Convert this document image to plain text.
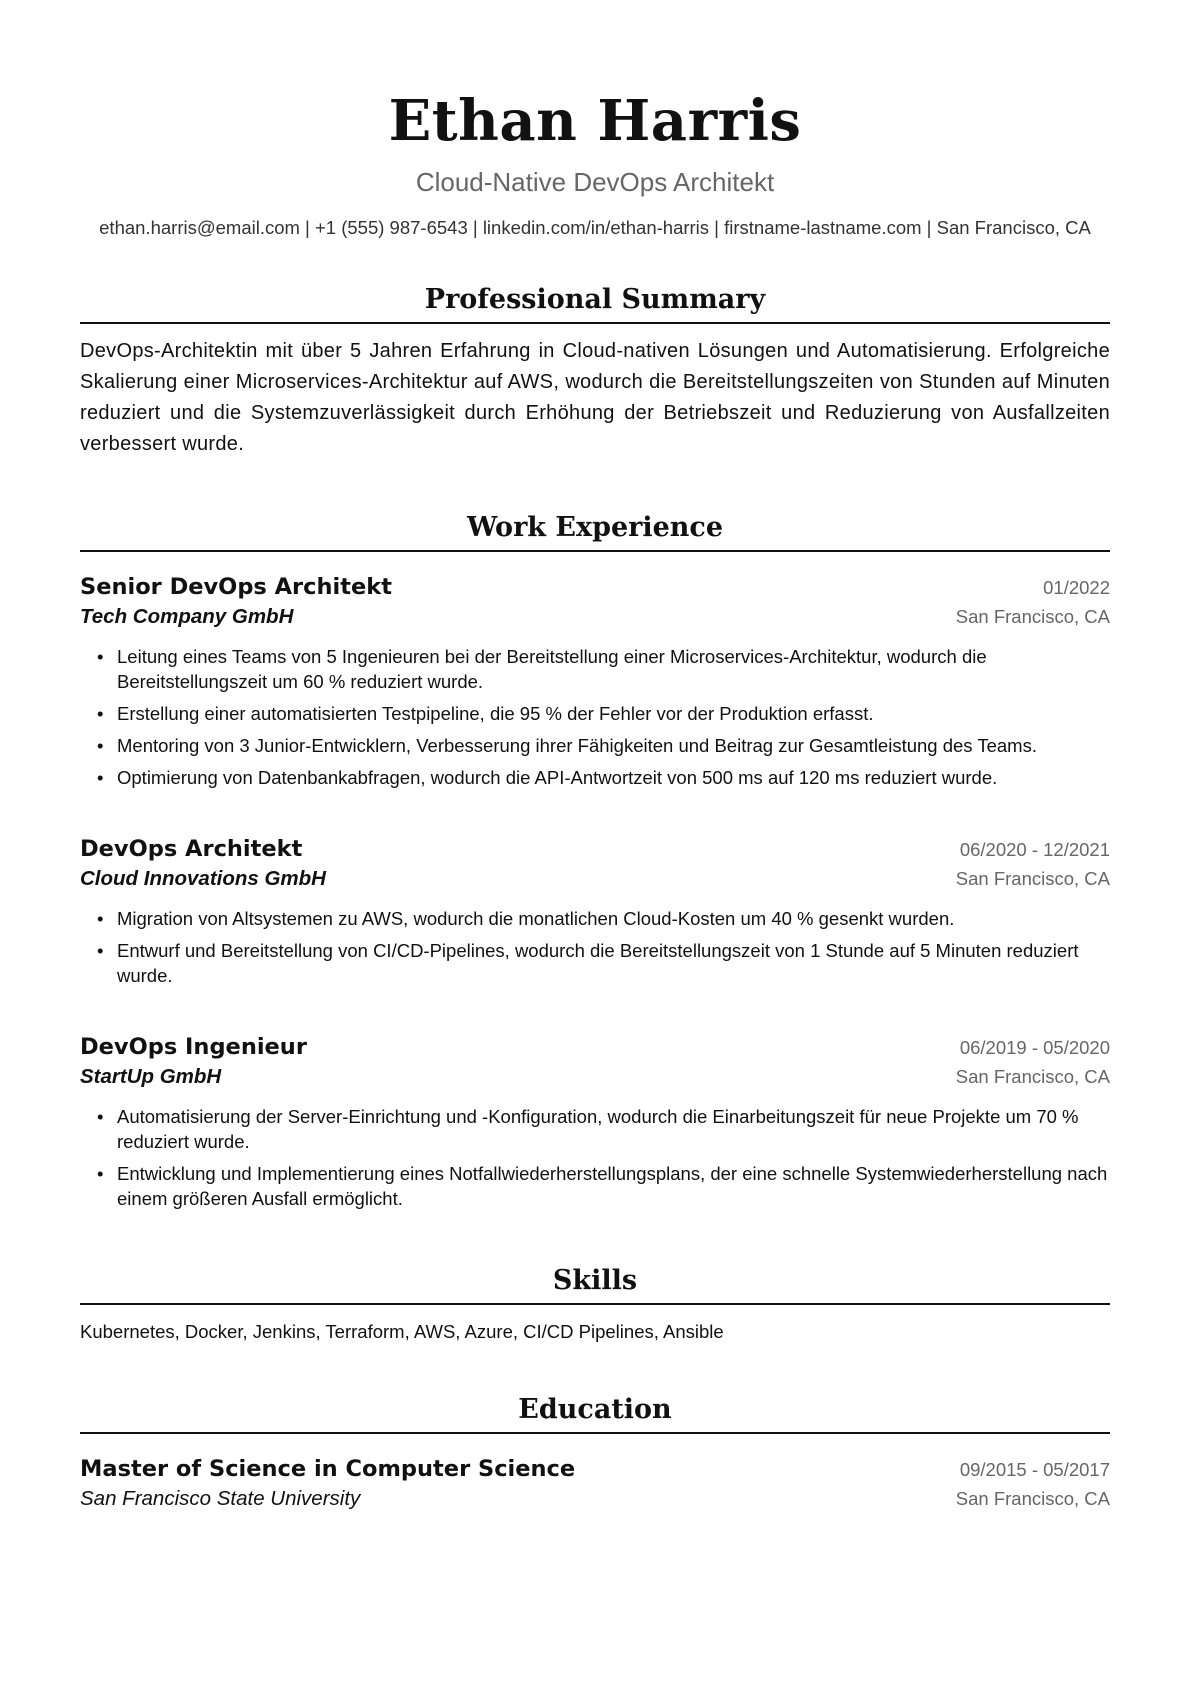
Ethan Harris
Cloud-Native DevOps Architekt
ethan.harris@email.com | +1 (555) 987-6543 | linkedin.com/in/ethan-harris | firstname-lastname.com | San Francisco, CA
Professional Summary
DevOps-Architektin mit über 5 Jahren Erfahrung in Cloud-nativen Lösungen und Automatisierung. Erfolgreiche Skalierung einer Microservices-Architektur auf AWS, wodurch die Bereitstellungszeiten von Stunden auf Minuten reduziert und die Systemzuverlässigkeit durch Erhöhung der Betriebszeit und Reduzierung von Ausfallzeiten verbessert wurde.
Work Experience
Senior DevOps Architekt	01/2022
Tech Company GmbH	San Francisco, CA
• Leitung eines Teams von 5 Ingenieuren bei der Bereitstellung einer Microservices-Architektur, wodurch die Bereitstellungszeit um 60 % reduziert wurde.
• Erstellung einer automatisierten Testpipeline, die 95 % der Fehler vor der Produktion erfasst.
• Mentoring von 3 Junior-Entwicklern, Verbesserung ihrer Fähigkeiten und Beitrag zur Gesamtleistung des Teams.
• Optimierung von Datenbankabfragen, wodurch die API-Antwortzeit von 500 ms auf 120 ms reduziert wurde.
DevOps Architekt	06/2020 - 12/2021
Cloud Innovations GmbH	San Francisco, CA
• Migration von Altsystemen zu AWS, wodurch die monatlichen Cloud-Kosten um 40 % gesenkt wurden.
• Entwurf und Bereitstellung von CI/CD-Pipelines, wodurch die Bereitstellungszeit von 1 Stunde auf 5 Minuten reduziert wurde.
DevOps Ingenieur	06/2019 - 05/2020
StartUp GmbH	San Francisco, CA
• Automatisierung der Server-Einrichtung und -Konfiguration, wodurch die Einarbeitungszeit für neue Projekte um 70 % reduziert wurde.
• Entwicklung und Implementierung eines Notfallwiederherstellungsplans, der eine schnelle Systemwiederherstellung nach einem größeren Ausfall ermöglicht.
Skills
Kubernetes, Docker, Jenkins, Terraform, AWS, Azure, CI/CD Pipelines, Ansible
Education
Master of Science in Computer Science	09/2015 - 05/2017
San Francisco State University	San Francisco, CA
